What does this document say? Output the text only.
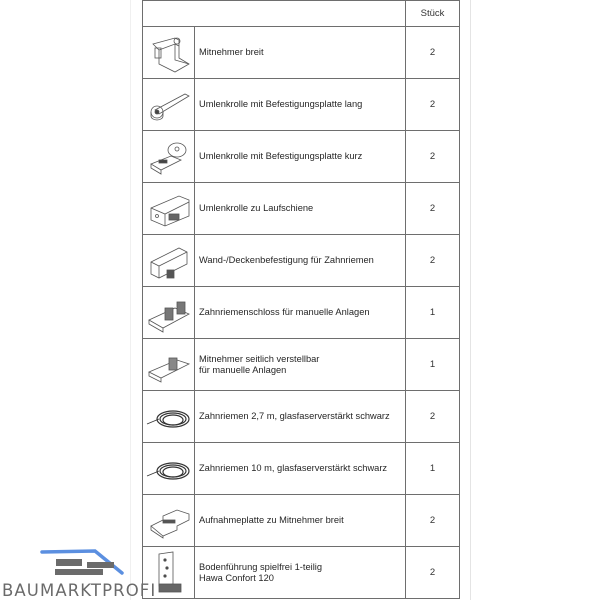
Stück
Mitnehmer breit	2
Umlenkrolle mit Befestigungsplatte lang	2
Umlenkrolle mit Befestigungsplatte kurz	2
Umlenkrolle zu Laufschiene	2
Wand-/Deckenbefestigung für Zahnriemen	2
Zahnriemenschloss für manuelle Anlagen	1
Mitnehmer seitlich verstellbar
für manuelle Anlagen	1
Zahnriemen 2,7 m, glasfaserverstärkt schwarz	2
Zahnriemen 10 m, glasfaserverstärkt schwarz	1
Aufnahmeplatte zu Mitnehmer breit	2
Bodenführung spielfrei 1-teilig
Hawa Confort 120	2
BAUMARKTPROFI
